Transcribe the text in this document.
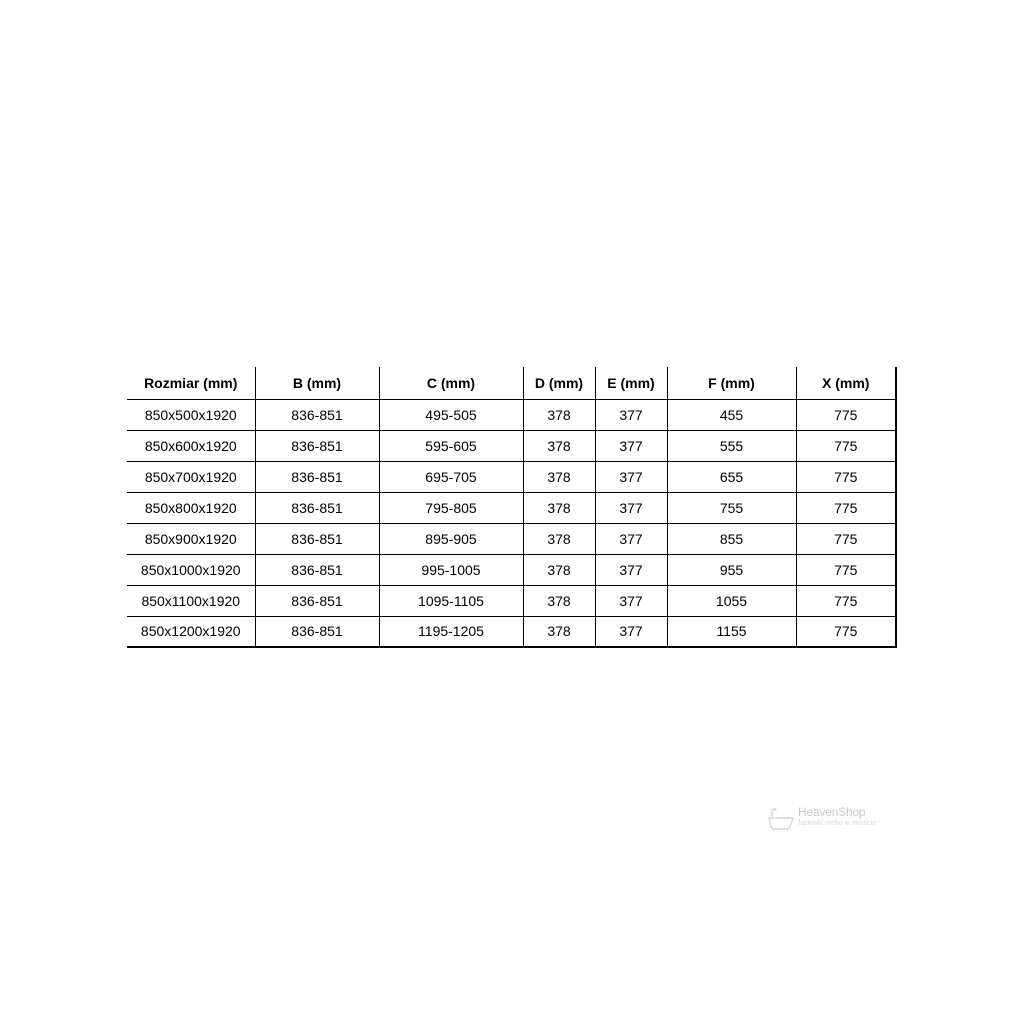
Rozmiar (mm)	B (mm)	C (mm)	D (mm)	E (mm)	F (mm)	X (mm)
850x500x1920	836-851	495-505	378	377	455	775
850x600x1920	836-851	595-605	378	377	555	775
850x700x1920	836-851	695-705	378	377	655	775
850x800x1920	836-851	795-805	378	377	755	775
850x900x1920	836-851	895-905	378	377	855	775
850x1000x1920	836-851	995-1005	378	377	955	775
850x1100x1920	836-851	1095-1105	378	377	1055	775
850x1200x1920	836-851	1195-1205	378	377	1155	775
HeavenShop
łazienki niebo w mieście
